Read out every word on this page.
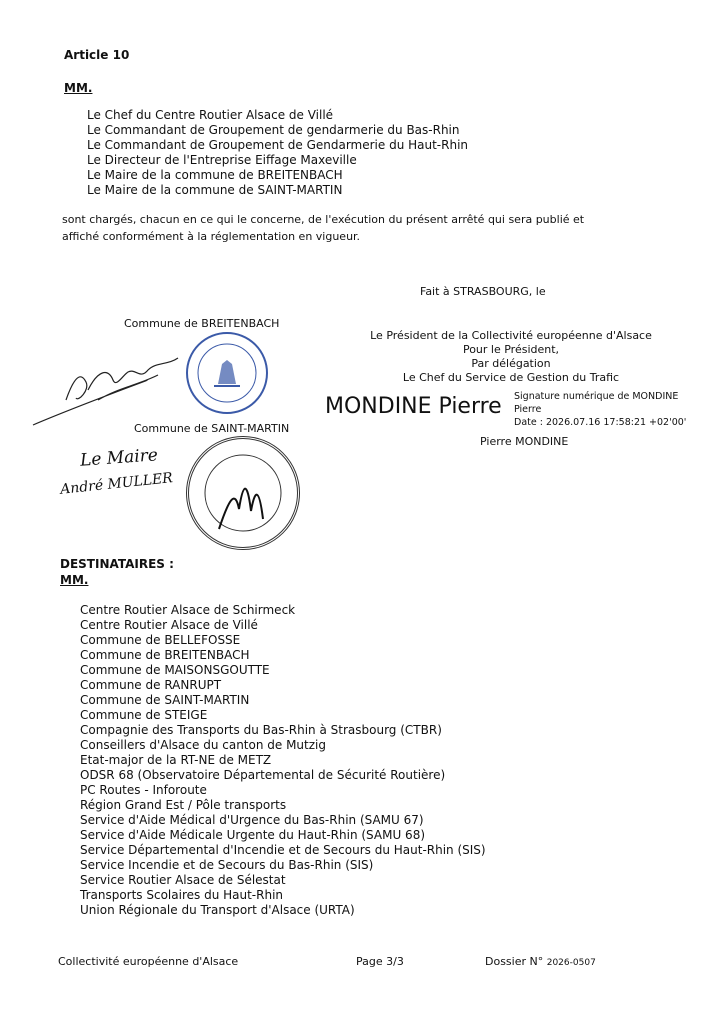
Article 10
MM.
Le Chef du Centre Routier Alsace de Villé
Le Commandant de Groupement de gendarmerie du Bas-Rhin
Le Commandant de Groupement de Gendarmerie du Haut-Rhin
Le Directeur de l'Entreprise Eiffage Maxeville
Le Maire de la commune de BREITENBACH
Le Maire de la commune de SAINT-MARTIN
sont chargés, chacun en ce qui le concerne, de l'exécution du présent arrêté qui sera publié et
affiché conformément à la réglementation en vigueur.
Fait à STRASBOURG, le
Le Président de la Collectivité européenne d'Alsace
Pour le Président,
Par délégation
Le Chef du Service de Gestion du Trafic
MONDINE Pierre Signature numérique de MONDINE
Pierre
Date : 2026.07.16 17:58:21 +02'00'
Pierre MONDINE
Commune de BREITENBACH
Commune de SAINT-MARTIN
Le Maire
André MULLER
DESTINATAIRES :
MM.
Centre Routier Alsace de Schirmeck
Centre Routier Alsace de Villé
Commune de BELLEFOSSE
Commune de BREITENBACH
Commune de MAISONSGOUTTE
Commune de RANRUPT
Commune de SAINT-MARTIN
Commune de STEIGE
Compagnie des Transports du Bas-Rhin à Strasbourg (CTBR)
Conseillers d'Alsace du canton de Mutzig
Etat-major de la RT-NE de METZ
ODSR 68 (Observatoire Départemental de Sécurité Routière)
PC Routes - Inforoute
Région Grand Est / Pôle transports
Service d'Aide Médical d'Urgence du Bas-Rhin (SAMU 67)
Service d'Aide Médicale Urgente du Haut-Rhin (SAMU 68)
Service Départemental d'Incendie et de Secours du Haut-Rhin (SIS)
Service Incendie et de Secours du Bas-Rhin (SIS)
Service Routier Alsace de Sélestat
Transports Scolaires du Haut-Rhin
Union Régionale du Transport d'Alsace (URTA)
Collectivité européenne d'Alsace	Page 3/3	Dossier N° 2026-0507
